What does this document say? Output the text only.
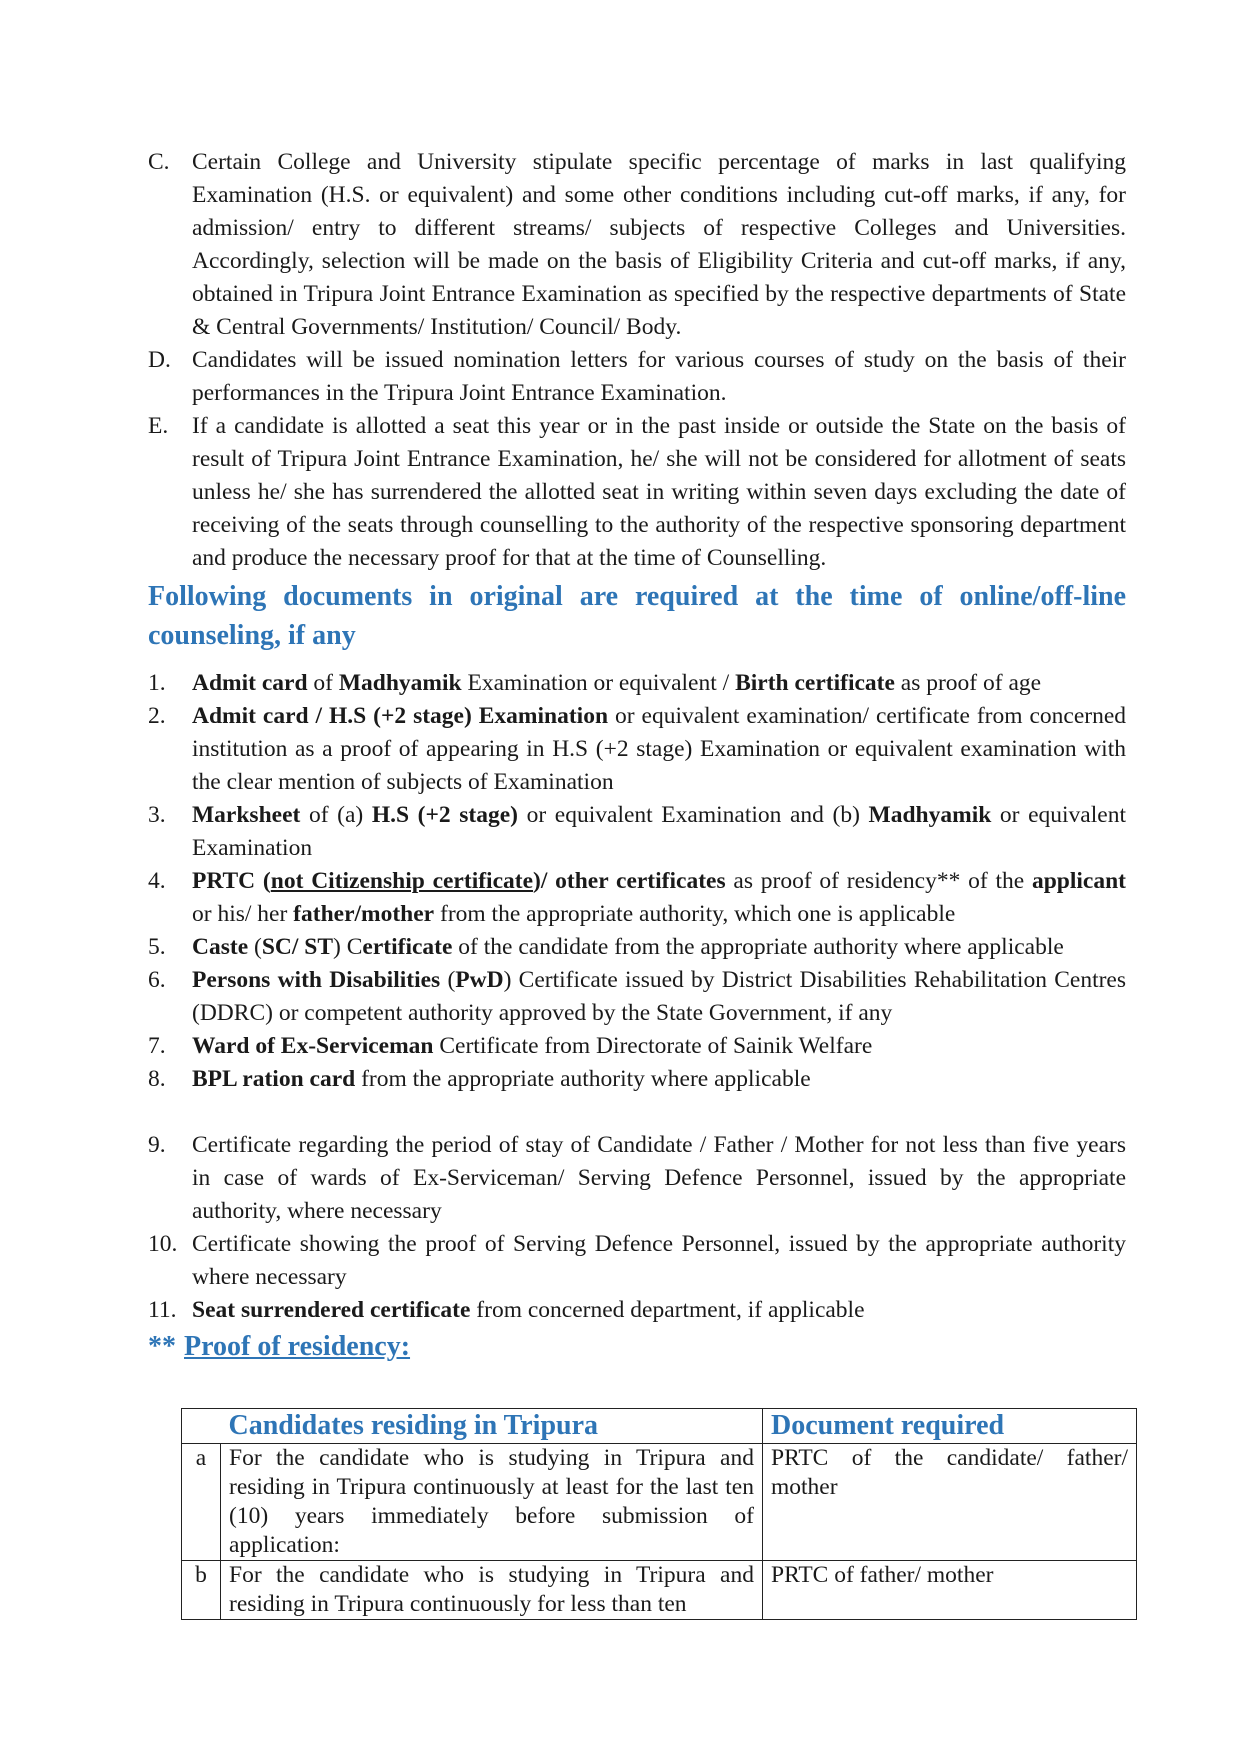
C. Certain College and University stipulate specific percentage of marks in last qualifying Examination (H.S. or equivalent) and some other conditions including cut-off marks, if any, for admission/ entry to different streams/ subjects of respective Colleges and Universities. Accordingly, selection will be made on the basis of Eligibility Criteria and cut-off marks, if any, obtained in Tripura Joint Entrance Examination as specified by the respective departments of State & Central Governments/ Institution/ Council/ Body.
D. Candidates will be issued nomination letters for various courses of study on the basis of their performances in the Tripura Joint Entrance Examination.
E.	If a candidate is allotted a seat this year or in the past inside or outside the State on the basis of result of Tripura Joint Entrance Examination, he/ she will not be considered for allotment of seats unless he/ she has surrendered the allotted seat in writing within seven days excluding the date of receiving of the seats through counselling to the authority of the respective sponsoring department and produce the necessary proof for that at the time of Counselling.
Following documents in original are required at the time of online/off-line counseling, if any
1.	Admit card of Madhyamik Examination or equivalent / Birth certificate as proof of age
2.	Admit card / H.S (+2 stage) Examination or equivalent examination/ certificate from concerned institution as a proof of appearing in H.S (+2 stage) Examination or equivalent examination with the clear mention of subjects of Examination
3.	Marksheet of (a) H.S (+2 stage) or equivalent Examination and (b) Madhyamik or equivalent Examination
4.	PRTC (not Citizenship certificate)/ other certificates as proof of residency** of the applicant or his/ her father/mother from the appropriate authority, which one is applicable
5.	Caste (SC/ ST) Certificate of the candidate from the appropriate authority where applicable
6.	Persons with Disabilities (PwD) Certificate issued by District Disabilities Rehabilitation Centres (DDRC) or competent authority approved by the State Government, if any
7.	Ward of Ex-Serviceman Certificate from Directorate of Sainik Welfare
8.	BPL ration card from the appropriate authority where applicable
9.	Certificate regarding the period of stay of Candidate / Father / Mother for not less than five years in case of wards of Ex-Serviceman/ Serving Defence Personnel, issued by the appropriate authority, where necessary
10. Certificate showing the proof of Serving Defence Personnel, issued by the appropriate authority where necessary
11. Seat surrendered certificate from concerned department, if applicable
** Proof of residency:
	Candidates residing in Tripura	Document required
a	For the candidate who is studying in Tripura and residing in Tripura continuously at least for the last ten (10) years immediately before submission of application:	PRTC of the candidate/ father/ mother
b	For the candidate who is studying in Tripura and residing in Tripura continuously for less than ten	PRTC of father/ mother
